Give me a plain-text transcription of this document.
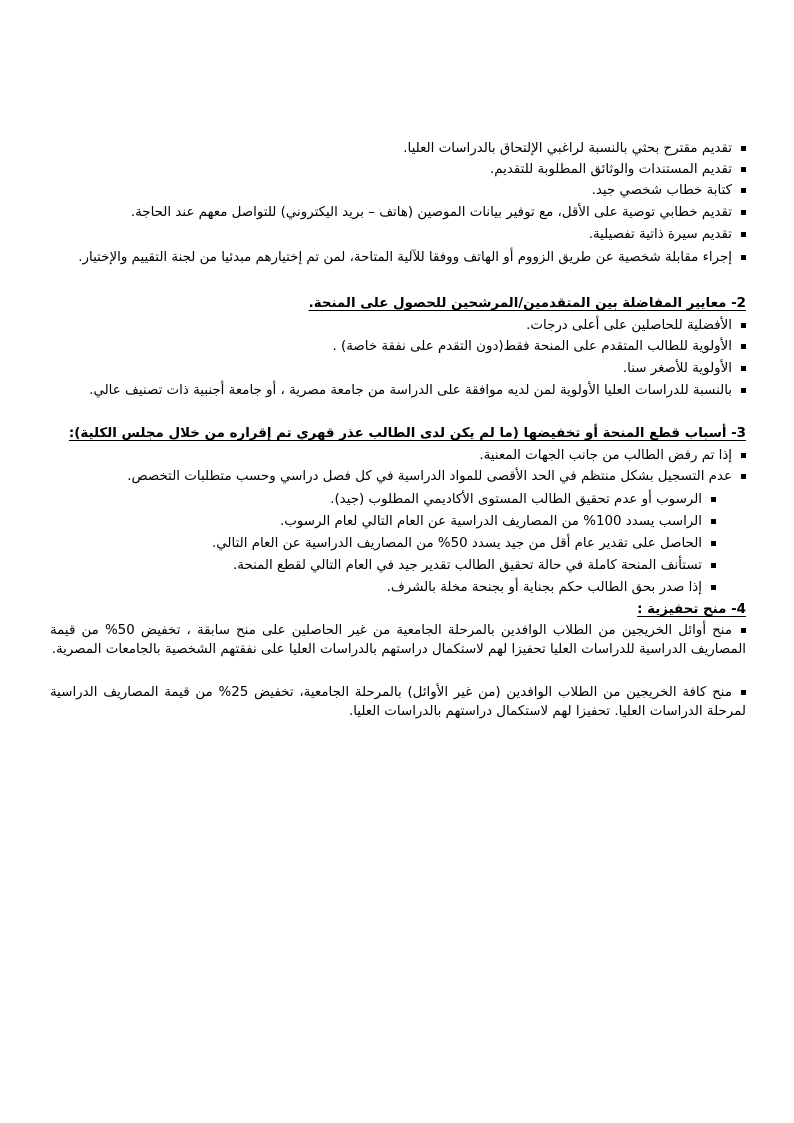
تقديم مقترح بحثي بالنسبة لراغبي الإلتحاق بالدراسات العليا.
تقديم المستندات والوثائق المطلوبة للتقديم.
كتابة خطاب شخصي جيد.
تقديم خطابي توصية على الأقل، مع توفير بيانات الموصين (هاتف – بريد اليكتروني) للتواصل معهم عند الحاجة.
تقديم سيرة ذاتية تفصيلية.
إجراء مقابلة شخصية عن طريق الزووم أو الهاتف ووفقا للآلية المتاحة، لمن تم إختيارهم مبدئيا من لجنة التقييم والإختيار.
2- معايير المفاضلة بين المتقدمين/المرشحين للحصول على المنحة.
الأفضلية للحاصلين على أعلى درجات.
الأولوية للطالب المتقدم على المنحة فقط(دون التقدم على نفقة خاصة) .
الأولوية للأصغر سنا.
بالنسبة للدراسات العليا الأولوية لمن لديه موافقة على الدراسة من جامعة مصرية ، أو جامعة أجنبية ذات تصنيف عالي.
3- أسباب قطع المنحة أو تخفيضها (ما لم يكن لدى الطالب عذر قهري تم إقراره من خلال مجلس الكلية):
إذا تم رفض الطالب من جانب الجهات المعنية.
عدم التسجيل بشكل منتظم في الحد الأقصى للمواد الدراسية في كل فصل دراسي وحسب متطلبات التخصص.
الرسوب أو عدم تحقيق الطالب المستوى الأكاديمي المطلوب (جيد).
الراسب يسدد 100% من المصاريف الدراسية عن العام التالي لعام الرسوب.
الحاصل على تقدير عام أقل من جيد يسدد 50% من المصاريف الدراسية عن العام التالي.
تستأنف المنحة كاملة في حالة تحقيق الطالب تقدير جيد في العام التالي لقطع المنحة.
إذا صدر بحق الطالب حكم بجناية أو بجنحة مخلة بالشرف.
4- منح تحفيزية :
منح أوائل الخريجين من الطلاب الوافدين بالمرحلة الجامعية من غير الحاصلين على منح سابقة ، تخفيض 50% من قيمة المصاريف الدراسية للدراسات العليا تحفيزا لهم لاستكمال دراستهم بالدراسات العليا على نفقتهم الشخصية بالجامعات المصرية.
منح كافة الخريجين من الطلاب الوافدين (من غير الأوائل) بالمرحلة الجامعية، تخفيض 25% من قيمة المصاريف الدراسية لمرحلة الدراسات العليا. تحفيزا لهم لاستكمال دراستهم بالدراسات العليا.
